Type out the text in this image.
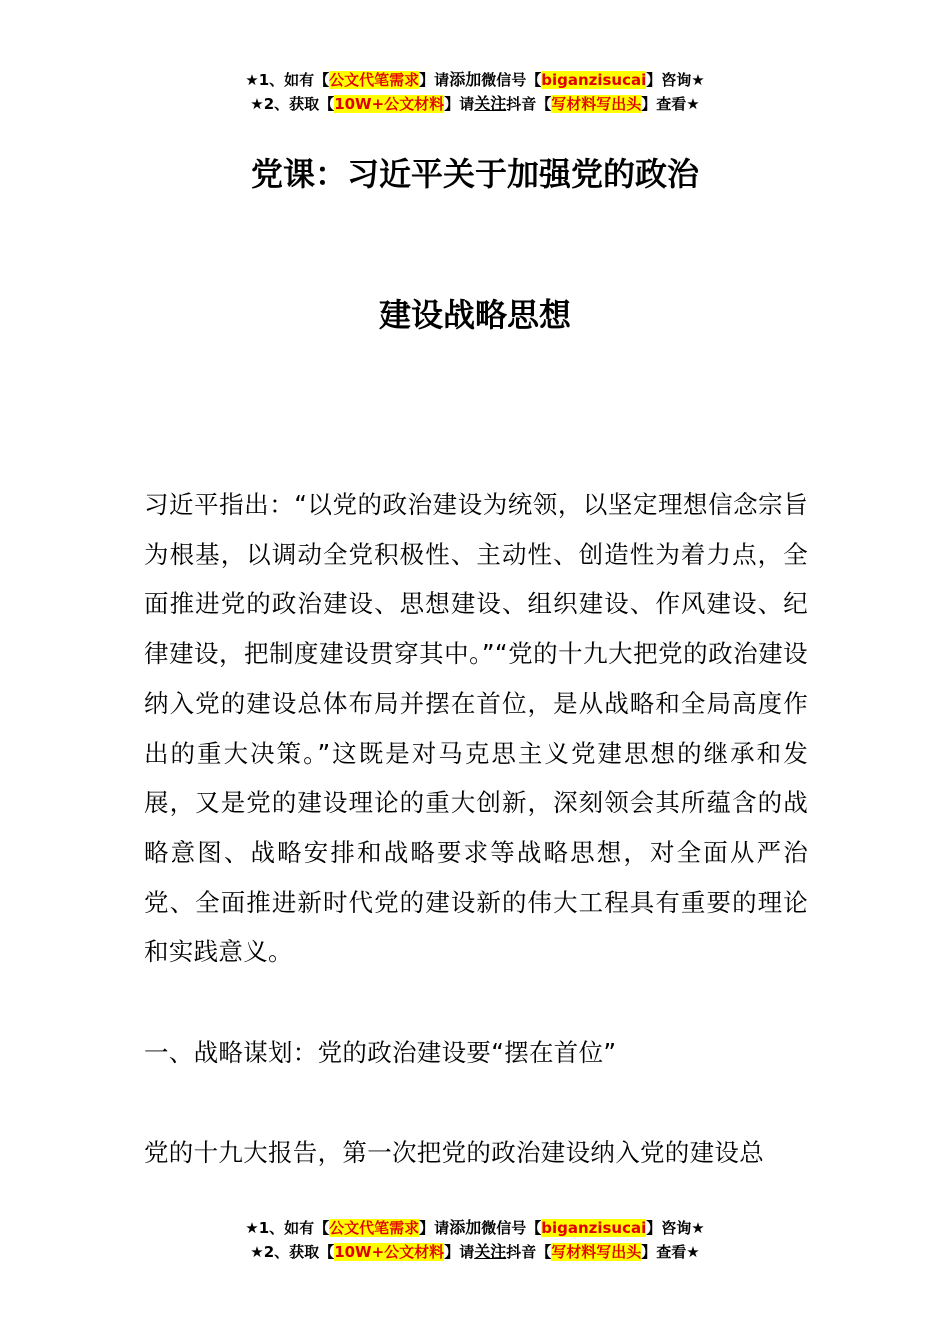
★1、如有【公文代笔需求】请添加微信号【biganzisucai】咨询★
★2、获取【10W+公文材料】请关注抖音【写材料写出头】查看★
党课：习近平关于加强党的政治
建设战略思想
习近平指出：“以党的政治建设为统领，以坚定理想信念宗旨为根基，以调动全党积极性、主动性、创造性为着力点，全面推进党的政治建设、思想建设、组织建设、作风建设、纪律建设，把制度建设贯穿其中。”“党的十九大把党的政治建设纳入党的建设总体布局并摆在首位，是从战略和全局高度作出的重大决策。”这既是对马克思主义党建思想的继承和发展，又是党的建设理论的重大创新，深刻领会其所蕴含的战略意图、战略安排和战略要求等战略思想，对全面从严治党、全面推进新时代党的建设新的伟大工程具有重要的理论和实践意义。
一、战略谋划：党的政治建设要“摆在首位”
党的十九大报告，第一次把党的政治建设纳入党的建设总
★1、如有【公文代笔需求】请添加微信号【biganzisucai】咨询★
★2、获取【10W+公文材料】请关注抖音【写材料写出头】查看★
